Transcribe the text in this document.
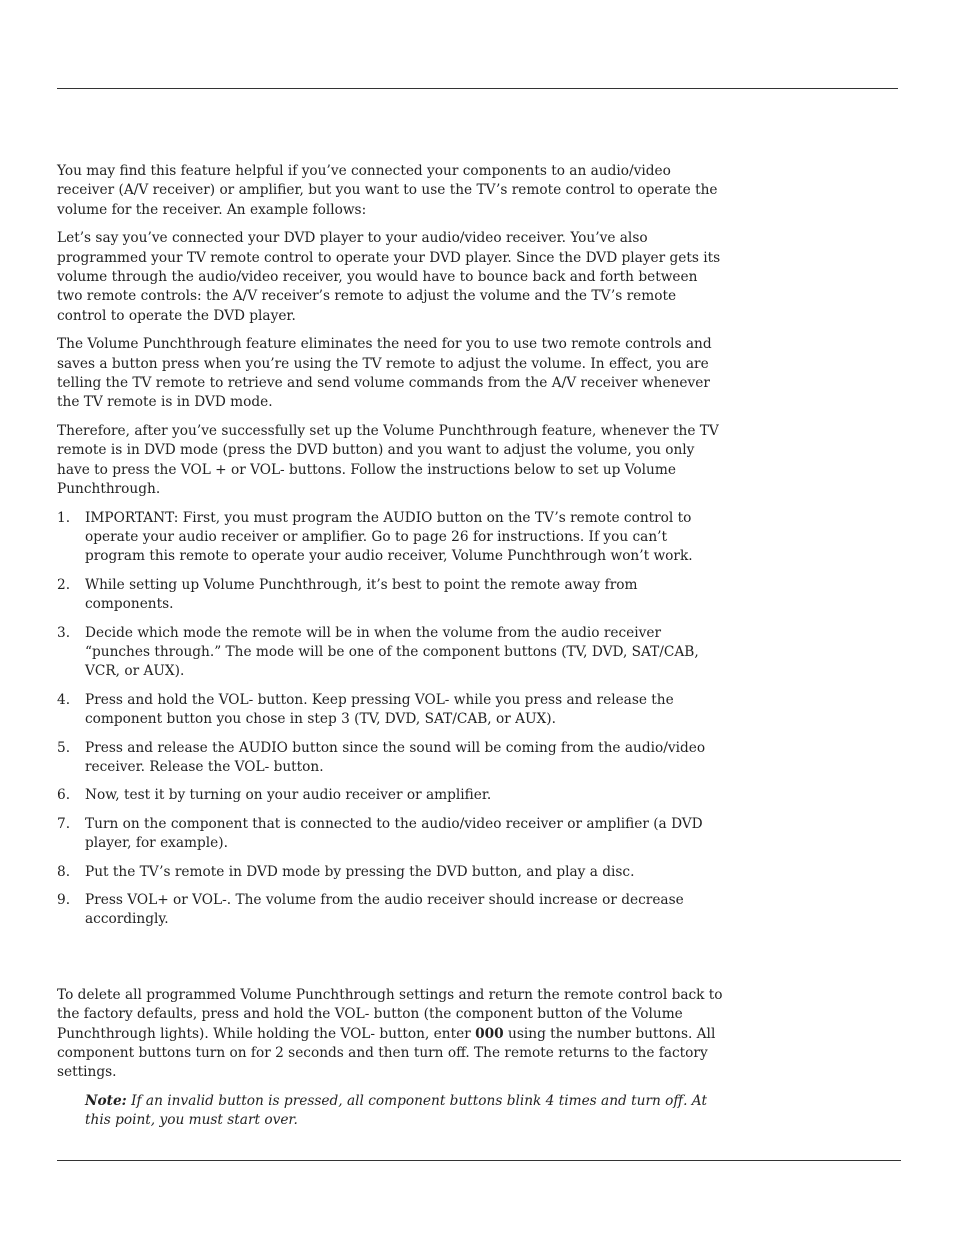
You may find this feature helpful if you’ve connected your components to an audio/video receiver (A/V receiver) or amplifier, but you want to use the TV’s remote control to operate the volume for the receiver. An example follows:

Let’s say you’ve connected your DVD player to your audio/video receiver. You’ve also programmed your TV remote control to operate your DVD player. Since the DVD player gets its volume through the audio/video receiver, you would have to bounce back and forth between two remote controls: the A/V receiver’s remote to adjust the volume and the TV’s remote control to operate the DVD player.

The Volume Punchthrough feature eliminates the need for you to use two remote controls and saves a button press when you’re using the TV remote to adjust the volume. In effect, you are telling the TV remote to retrieve and send volume commands from the A/V receiver whenever the TV remote is in DVD mode.

Therefore, after you’ve successfully set up the Volume Punchthrough feature, whenever the TV remote is in DVD mode (press the DVD button) and you want to adjust the volume, you only have to press the VOL + or VOL- buttons. Follow the instructions below to set up Volume Punchthrough.

1. IMPORTANT: First, you must program the AUDIO button on the TV’s remote control to operate your audio receiver or amplifier. Go to page 26 for instructions. If you can’t program this remote to operate your audio receiver, Volume Punchthrough won’t work.
2. While setting up Volume Punchthrough, it’s best to point the remote away from components.
3. Decide which mode the remote will be in when the volume from the audio receiver “punches through.” The mode will be one of the component buttons (TV, DVD, SAT/CAB, VCR, or AUX).
4. Press and hold the VOL- button. Keep pressing VOL- while you press and release the component button you chose in step 3 (TV, DVD, SAT/CAB, or AUX).
5. Press and release the AUDIO button since the sound will be coming from the audio/video receiver. Release the VOL- button.
6. Now, test it by turning on your audio receiver or amplifier.
7. Turn on the component that is connected to the audio/video receiver or amplifier (a DVD player, for example).
8. Put the TV’s remote in DVD mode by pressing the DVD button, and play a disc.
9. Press VOL+ or VOL-. The volume from the audio receiver should increase or decrease accordingly.

To delete all programmed Volume Punchthrough settings and return the remote control back to the factory defaults, press and hold the VOL- button (the component button of the Volume Punchthrough lights). While holding the VOL- button, enter 000 using the number buttons. All component buttons turn on for 2 seconds and then turn off. The remote returns to the factory settings.

Note: If an invalid button is pressed, all component buttons blink 4 times and turn off. At this point, you must start over.
